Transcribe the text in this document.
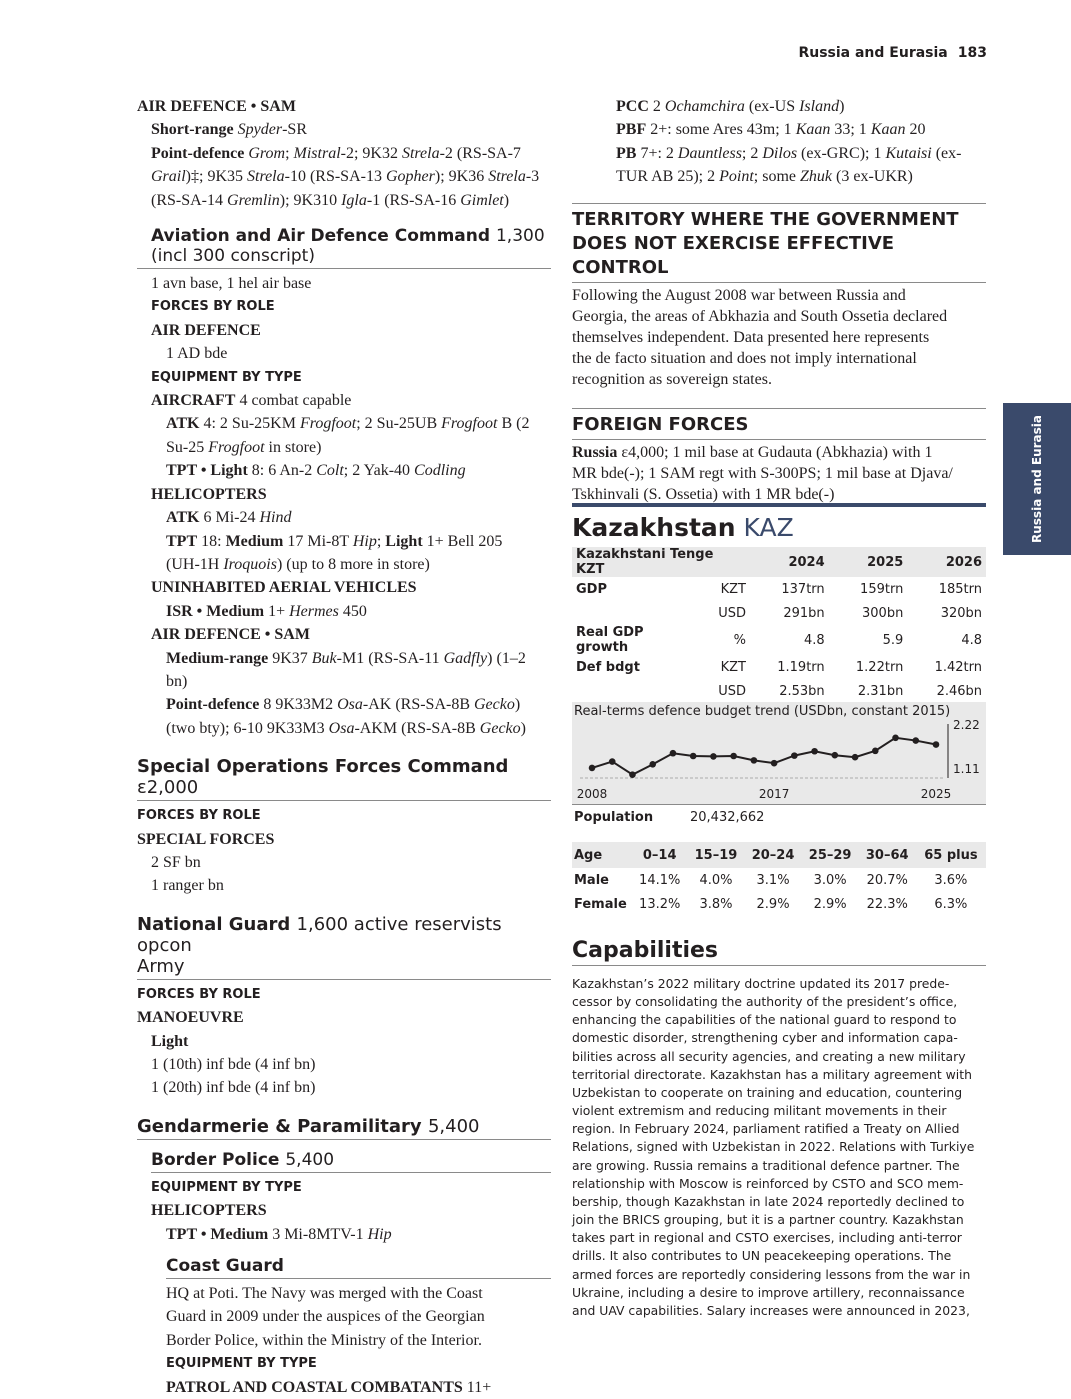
Russia and Eurasia 183
Russia and Eurasia

AIR DEFENCE • SAM

Short-range Spyder-SR

Point-defence Grom; Mistral-2; 9K32 Strela-2 (RS-SA-7

Grail)‡; 9K35 Strela-10 (RS-SA-13 Gopher); 9K36 Strela-3

(RS-SA-14 Gremlin); 9K310 Igla-1 (RS-SA-16 Gimlet)

Aviation and Air Defence Command 1,300
(incl 300 conscript)

1 avn base, 1 hel air base

FORCES BY ROLE

AIR DEFENCE

1 AD bde

EQUIPMENT BY TYPE

AIRCRAFT 4 combat capable

ATK 4: 2 Su-25KM Frogfoot; 2 Su-25UB Frogfoot B (2

Su-25 Frogfoot in store)

TPT • Light 8: 6 An-2 Colt; 2 Yak-40 Codling

HELICOPTERS

ATK 6 Mi-24 Hind

TPT 18: Medium 17 Mi-8T Hip; Light 1+ Bell 205

(UH-1H Iroquois) (up to 8 more in store)

UNINHABITED AERIAL VEHICLES

ISR • Medium 1+ Hermes 450

AIR DEFENCE • SAM

Medium-range 9K37 Buk-M1 (RS-SA-11 Gadfly) (1–2 bn)

Point-defence 8 9K33M2 Osa-AK (RS-SA-8B Gecko)

(two bty); 6-10 9K33M3 Osa-AKM (RS-SA-8B Gecko)

Special Operations Forces Command ε2,000

FORCES BY ROLE

SPECIAL FORCES

2 SF bn

1 ranger bn

National Guard 1,600 active reservists opcon
Army

FORCES BY ROLE

MANOEUVRE

Light

1 (10th) inf bde (4 inf bn)

1 (20th) inf bde (4 inf bn)

Gendarmerie & Paramilitary 5,400
Border Police 5,400

EQUIPMENT BY TYPE

HELICOPTERS

TPT • Medium 3 Mi-8MTV-1 Hip

Coast Guard

HQ at Poti. The Navy was merged with the Coast

Guard in 2009 under the auspices of the Georgian

Border Police, within the Ministry of the Interior.

EQUIPMENT BY TYPE

PATROL AND COASTAL COMBATANTS 11+

PCC 2 Ochamchira (ex-US Island)

PBF 2+: some Ares 43m; 1 Kaan 33; 1 Kaan 20

PB 7+: 2 Dauntless; 2 Dilos (ex-GRC); 1 Kutaisi (ex-

TUR AB 25); 2 Point; some Zhuk (3 ex-UKR)

TERRITORY WHERE THE GOVERNMENT
DOES NOT EXERCISE EFFECTIVE CONTROL

Following the August 2008 war between Russia and

Georgia, the areas of Abkhazia and South Ossetia declared

themselves independent. Data presented here represents

the de facto situation and does not imply international

recognition as sovereign states.

FOREIGN FORCES

Russia ε4,000; 1 mil base at Gudauta (Abkhazia) with 1

MR bde(-); 1 SAM regt with S-300PS; 1 mil base at Djava/

Tskhinvali (S. Ossetia) with 1 MR bde(-)

Kazakhstan KAZ
Kazakhstani Tenge KZT		2024	2025	2026
GDP	KZT	137trn	159trn	185trn
	USD	291bn	300bn	320bn
Real GDP growth	%	4.8	5.9	4.8
Def bdgt	KZT	1.19trn	1.22trn	1.42trn
	USD	2.53bn	2.31bn	2.46bn
Real-terms defence budget trend (USDbn, constant 2015)
2008	2017	2025
2.22
1.11
Population	20,432,662
Age	0–14	15–19	20–24	25–29	30–64	65 plus
Male	14.1%	4.0%	3.1%	3.0%	20.7%	3.6%
Female	13.2%	3.8%	2.9%	2.9%	22.3%	6.3%
Capabilities
Kazakhstan’s 2022 military doctrine updated its 2017 prede-
cessor by consolidating the authority of the president’s office,
enhancing the capabilities of the national guard to respond to
domestic disorder, strengthening cyber and information capa-
bilities across all security agencies, and creating a new military
territorial directorate. Kazakhstan has a military agreement with
Uzbekistan to cooperate on training and education, countering
violent extremism and reducing militant movements in their
region. In February 2024, parliament ratified a Treaty on Allied
Relations, signed with Uzbekistan in 2022. Relations with Turkiye
are growing. Russia remains a traditional defence partner. The
relationship with Moscow is reinforced by CSTO and SCO mem-
bership, though Kazakhstan in late 2024 reportedly declined to
join the BRICS grouping, but it is a partner country. Kazakhstan
takes part in regional and CSTO exercises, including anti-terror
drills. It also contributes to UN peacekeeping operations. The
armed forces are reportedly considering lessons from the war in
Ukraine, including a desire to improve artillery, reconnaissance
and UAV capabilities. Salary increases were announced in 2023,
